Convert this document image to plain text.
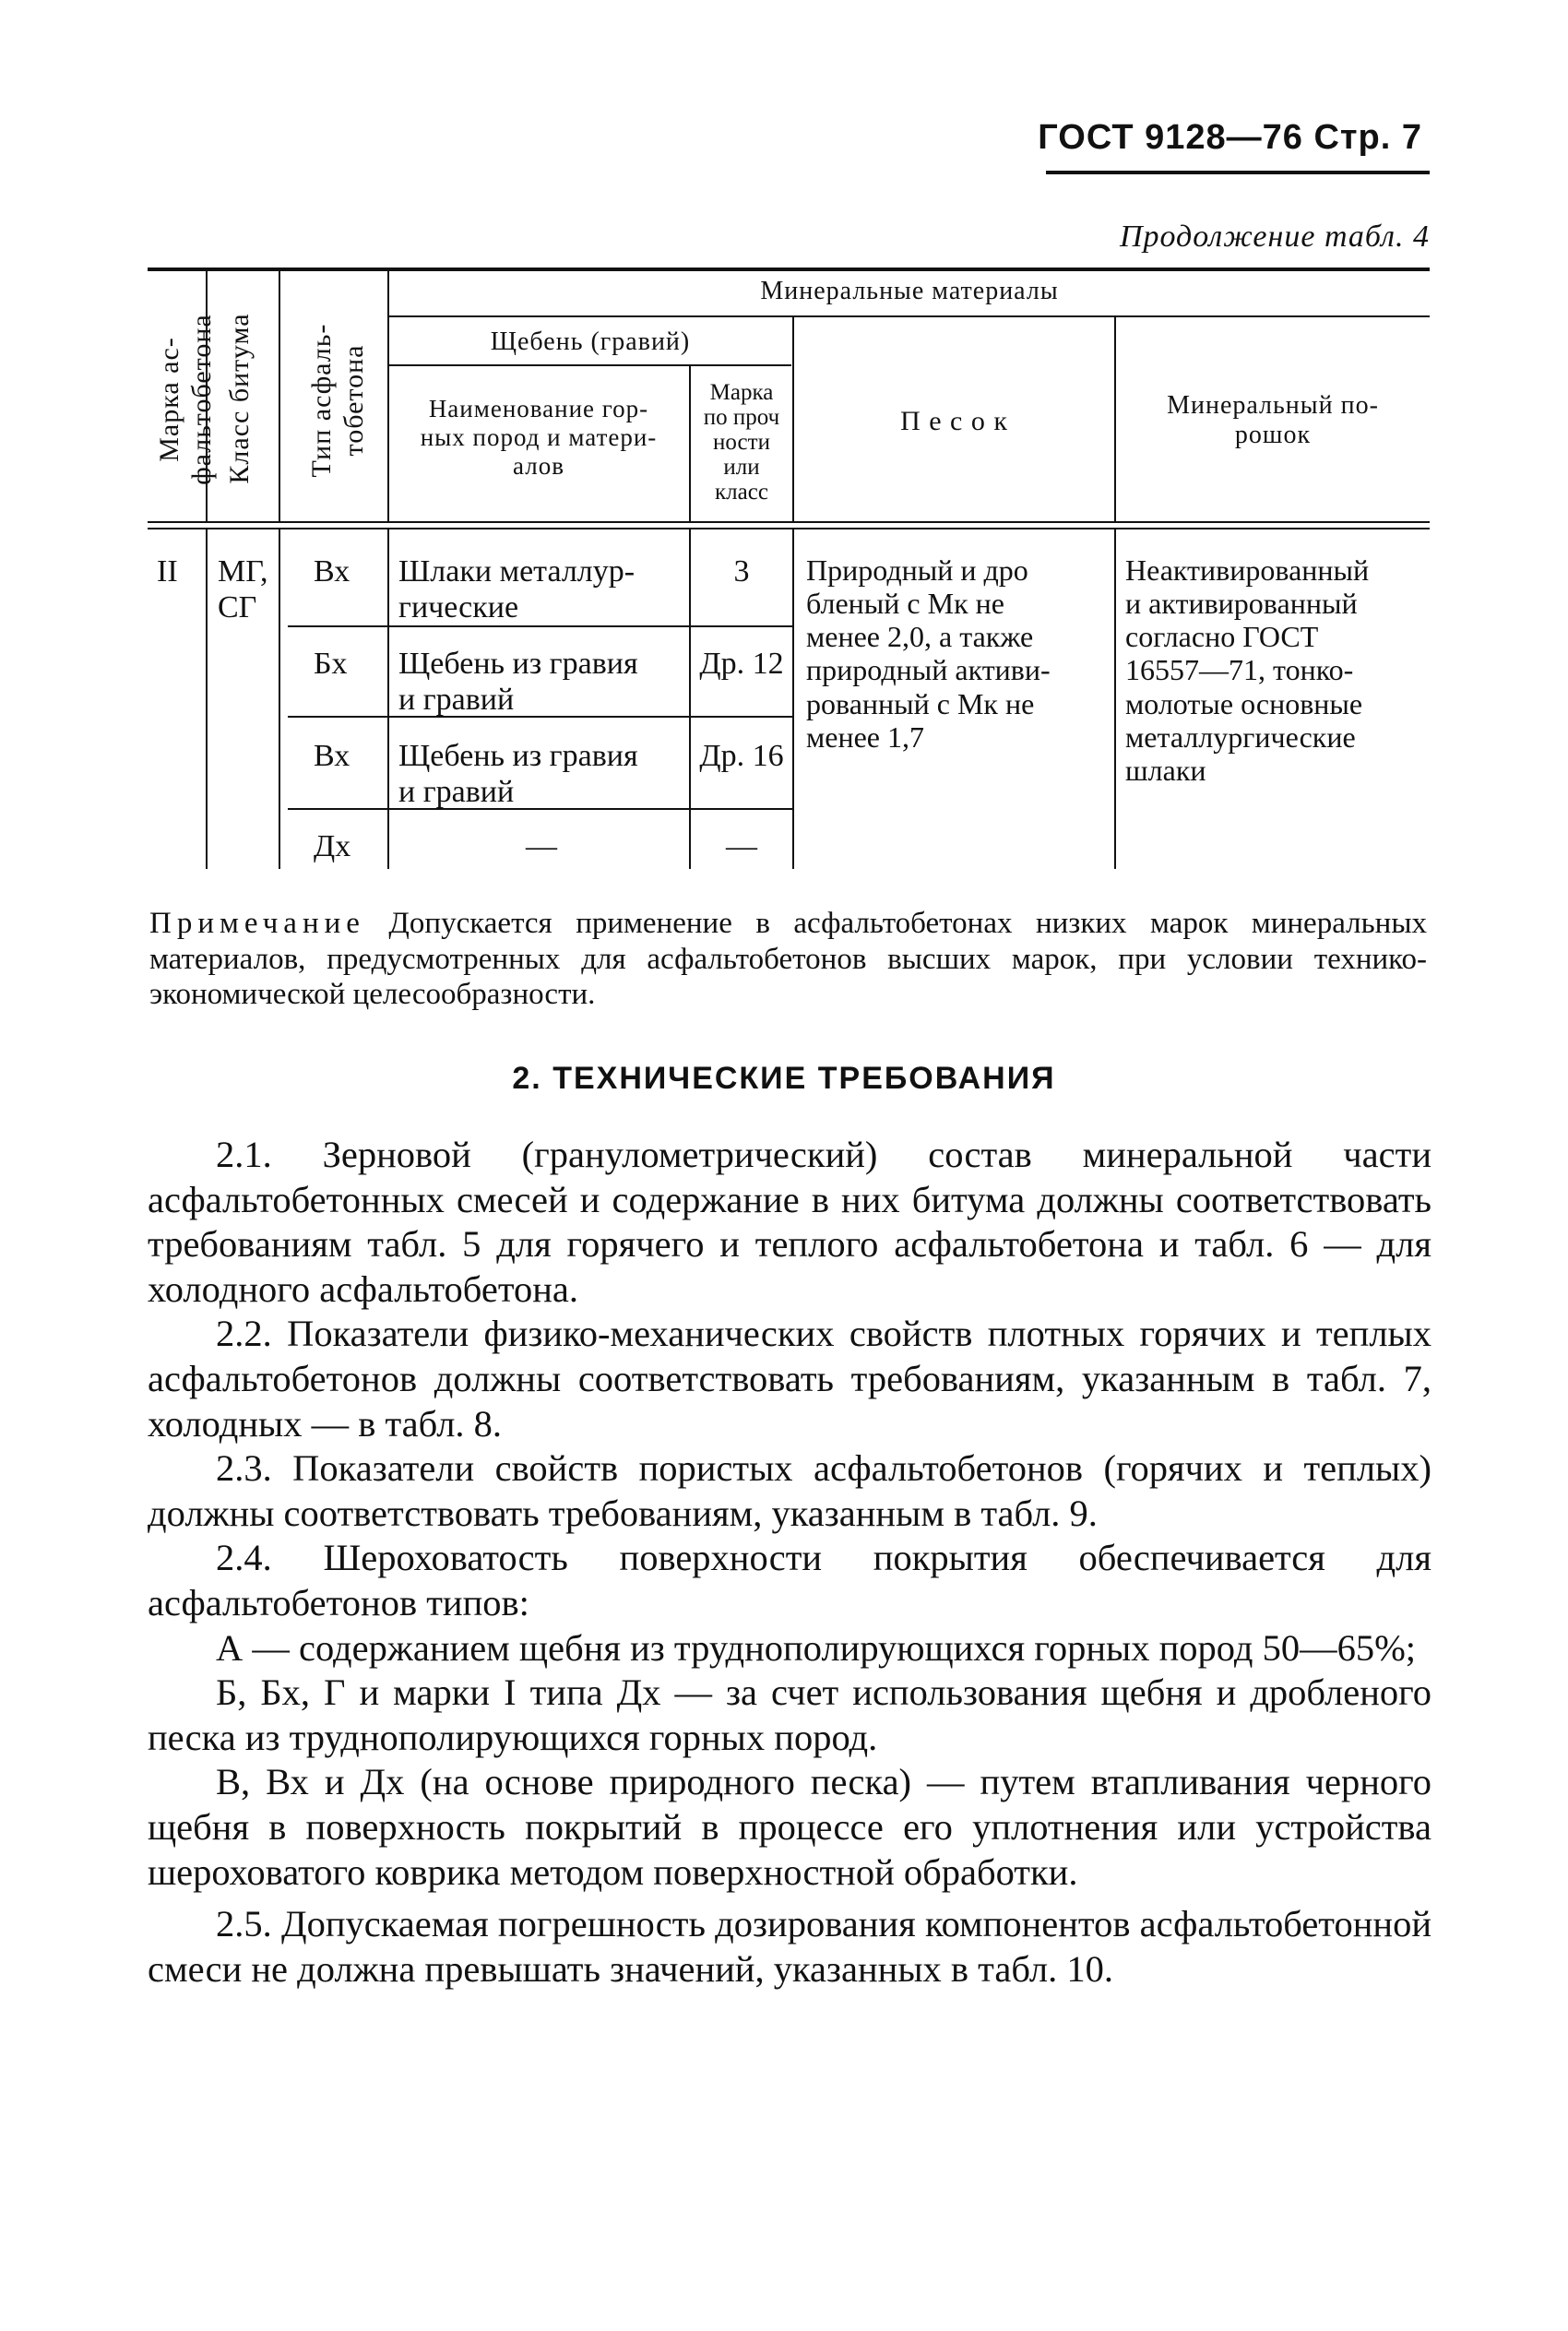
ГОСТ 9128—76 Стр. 7
Продолжение табл. 4
Марка ас-
фальтобетона Класс битума Тип асфаль-
тобетона
Минеральные материалы
Щебень (гравий)
Наименование гор-
ных пород и матери-
алов
Марка
по проч
ности
или
класс
П е с о к
Минеральный по-
рошок
II	МГ,
СГ
Вх
Бх
Вх
Дх
Шлаки металлур-
гические
Щебень из гравия
и гравий
Щебень из гравия
и гравий
—
3
Др. 12
Др. 16
—
Природный и дро
бленый с Мк не
менее 2,0, а также
природный активи-
рованный с Мк не
менее 1,7
Неактивированный
и активированный
согласно ГОСТ
16557—71, тонко-
молотые основные
металлургические
шлаки
Примечание Допускается применение в асфальтобетонах низких марок минеральных материалов, предусмотренных для асфальтобетонов высших марок, при условии технико-экономической целесообразности.
2. ТЕХНИЧЕСКИЕ ТРЕБОВАНИЯ

2.1. Зерновой (гранулометрический) состав минеральной части асфальтобетонных смесей и содержание в них битума должны соответствовать требованиям табл. 5 для горячего и теплого асфальтобетона и табл. 6 — для холодного асфальтобетона.

2.2. Показатели физико-механических свойств плотных горячих и теплых асфальтобетонов должны соответствовать требованиям, указанным в табл. 7, холодных — в табл. 8.

2.3. Показатели свойств пористых асфальтобетонов (горячих и теплых) должны соответствовать требованиям, указанным в табл. 9.

2.4. Шероховатость поверхности покрытия обеспечивается для асфальтобетонов типов:

А — содержанием щебня из труднополирующихся горных пород 50—65%;

Б, Бх, Г и марки I типа Дх — за счет использования щебня и дробленого песка из труднополирующихся горных пород.

В, Вх и Дх (на основе природного песка) — путем втапливания черного щебня в поверхность покрытий в процессе его уплотнения или устройства шероховатого коврика методом поверхностной обработки.

2.5. Допускаемая погрешность дозирования компонентов асфальтобетонной смеси не должна превышать значений, указанных в табл. 10.
